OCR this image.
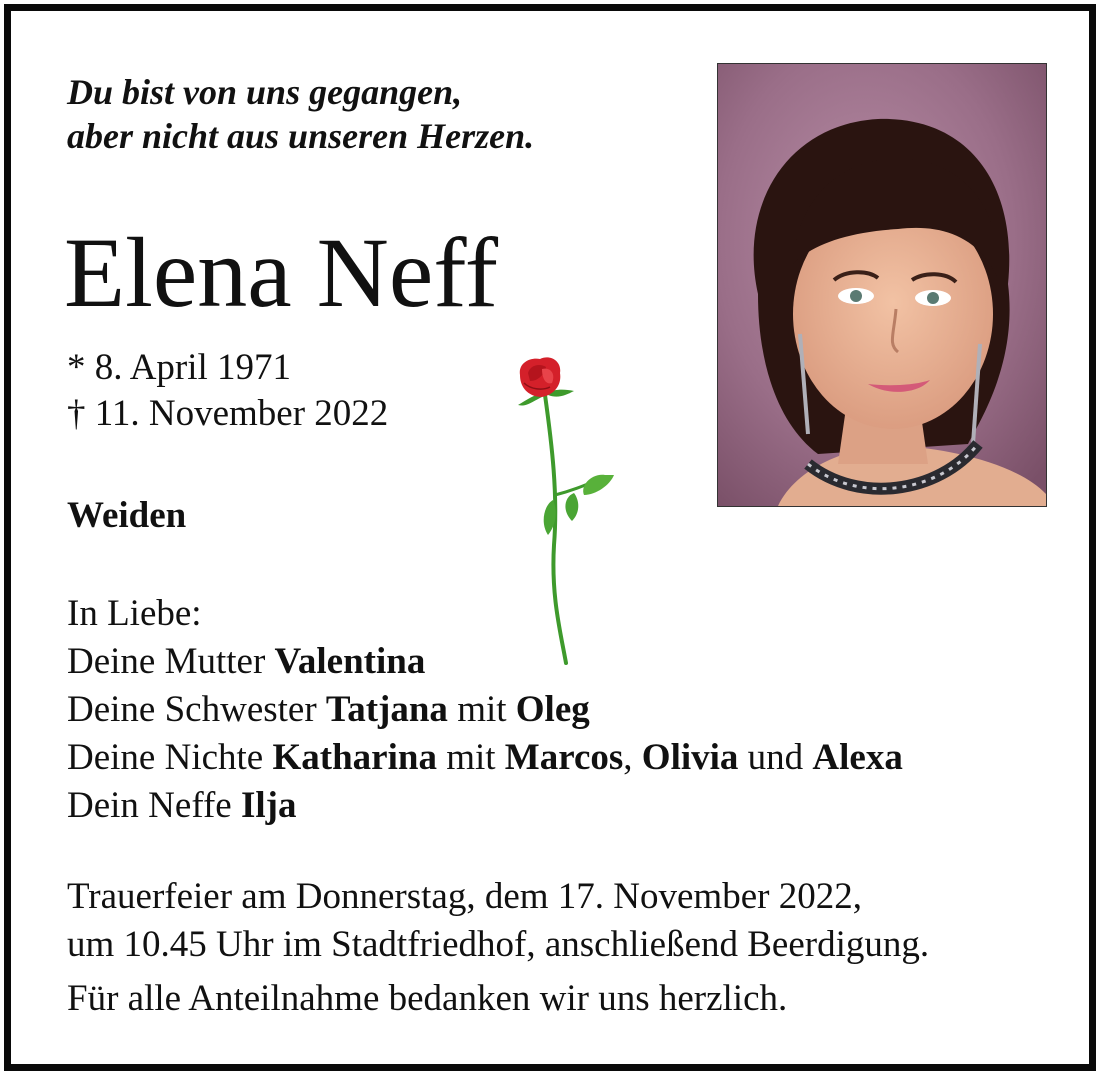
Du bist von uns gegangen,
aber nicht aus unseren Herzen.
Elena Neff
* 8. April 1971
† 11. November 2022
Weiden
In Liebe:
Deine Mutter Valentina
Deine Schwester Tatjana mit Oleg
Deine Nichte Katharina mit Marcos, Olivia und Alexa
Dein Neffe Ilja
Trauerfeier am Donnerstag, dem 17. November 2022,
um 10.45 Uhr im Stadtfriedhof, anschließend Beerdigung.
Für alle Anteilnahme bedanken wir uns herzlich.
